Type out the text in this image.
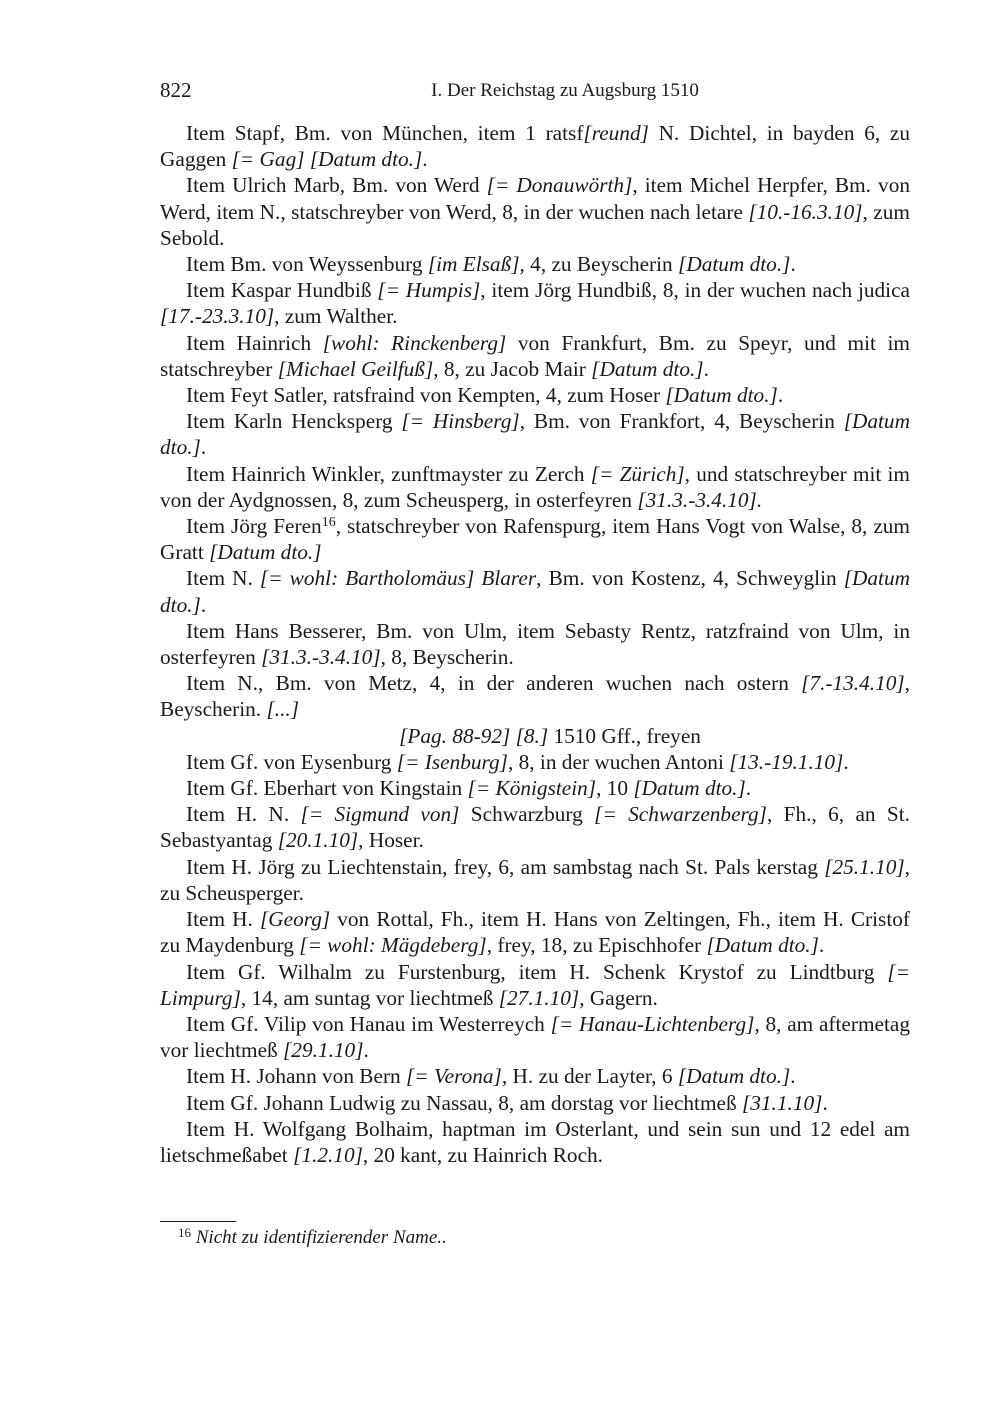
822	I. Der Reichstag zu Augsburg 1510

Item Stapf, Bm. von München, item 1 ratsf[reund] N. Dichtel, in bayden 6, zu Gaggen [= Gag] [Datum dto.].

Item Ulrich Marb, Bm. von Werd [= Donauwörth], item Michel Herpfer, Bm. von Werd, item N., statschreyber von Werd, 8, in der wuchen nach letare [10.-16.3.10], zum Sebold.

Item Bm. von Weyssenburg [im Elsaß], 4, zu Beyscherin [Datum dto.].

Item Kaspar Hundbiß [= Humpis], item Jörg Hundbiß, 8, in der wuchen nach judica [17.-23.3.10], zum Walther.

Item Hainrich [wohl: Rinckenberg] von Frankfurt, Bm. zu Speyr, und mit im statschreyber [Michael Geilfuß], 8, zu Jacob Mair [Datum dto.].

Item Feyt Satler, ratsfraind von Kempten, 4, zum Hoser [Datum dto.].

Item Karln Hencksperg [= Hinsberg], Bm. von Frankfort, 4, Beyscherin [Datum dto.].

Item Hainrich Winkler, zunftmayster zu Zerch [= Zürich], und statschreyber mit im von der Aydgnossen, 8, zum Scheusperg, in osterfeyren [31.3.-3.4.10].

Item Jörg Feren$^{16}$, statschreyber von Rafenspurg, item Hans Vogt von Walse, 8, zum Gratt [Datum dto.]

Item N. [= wohl: Bartholomäus] Blarer, Bm. von Kostenz, 4, Schweyglin [Datum dto.].

Item Hans Besserer, Bm. von Ulm, item Sebasty Rentz, ratzfraind von Ulm, in osterfeyren [31.3.-3.4.10], 8, Beyscherin.

Item N., Bm. von Metz, 4, in der anderen wuchen nach ostern [7.-13.4.10], Beyscherin. [...]

[Pag. 88-92] [8.] 1510 Gff., freyen

Item Gf. von Eysenburg [= Isenburg], 8, in der wuchen Antoni [13.-19.1.10].

Item Gf. Eberhart von Kingstain [= Königstein], 10 [Datum dto.].

Item H. N. [= Sigmund von] Schwarzburg [= Schwarzenberg], Fh., 6, an St. Sebastyantag [20.1.10], Hoser.

Item H. Jörg zu Liechtenstain, frey, 6, am sambstag nach St. Pals kerstag [25.1.10], zu Scheusperger.

Item H. [Georg] von Rottal, Fh., item H. Hans von Zeltingen, Fh., item H. Cristof zu Maydenburg [= wohl: Mägdeberg], frey, 18, zu Epischhofer [Datum dto.].

Item Gf. Wilhalm zu Furstenburg, item H. Schenk Krystof zu Lindtburg [= Limpurg], 14, am suntag vor liechtmeß [27.1.10], Gagern.

Item Gf. Vilip von Hanau im Westerreych [= Hanau-Lichtenberg], 8, am aftermetag vor liechtmeß [29.1.10].

Item H. Johann von Bern [= Verona], H. zu der Layter, 6 [Datum dto.].

Item Gf. Johann Ludwig zu Nassau, 8, am dorstag vor liechtmeß [31.1.10].

Item H. Wolfgang Bolhaim, haptman im Osterlant, und sein sun und 12 edel am lietschmeßabet [1.2.10], 20 kant, zu Hainrich Roch.

$^{16}$ Nicht zu identifizierender Name..
